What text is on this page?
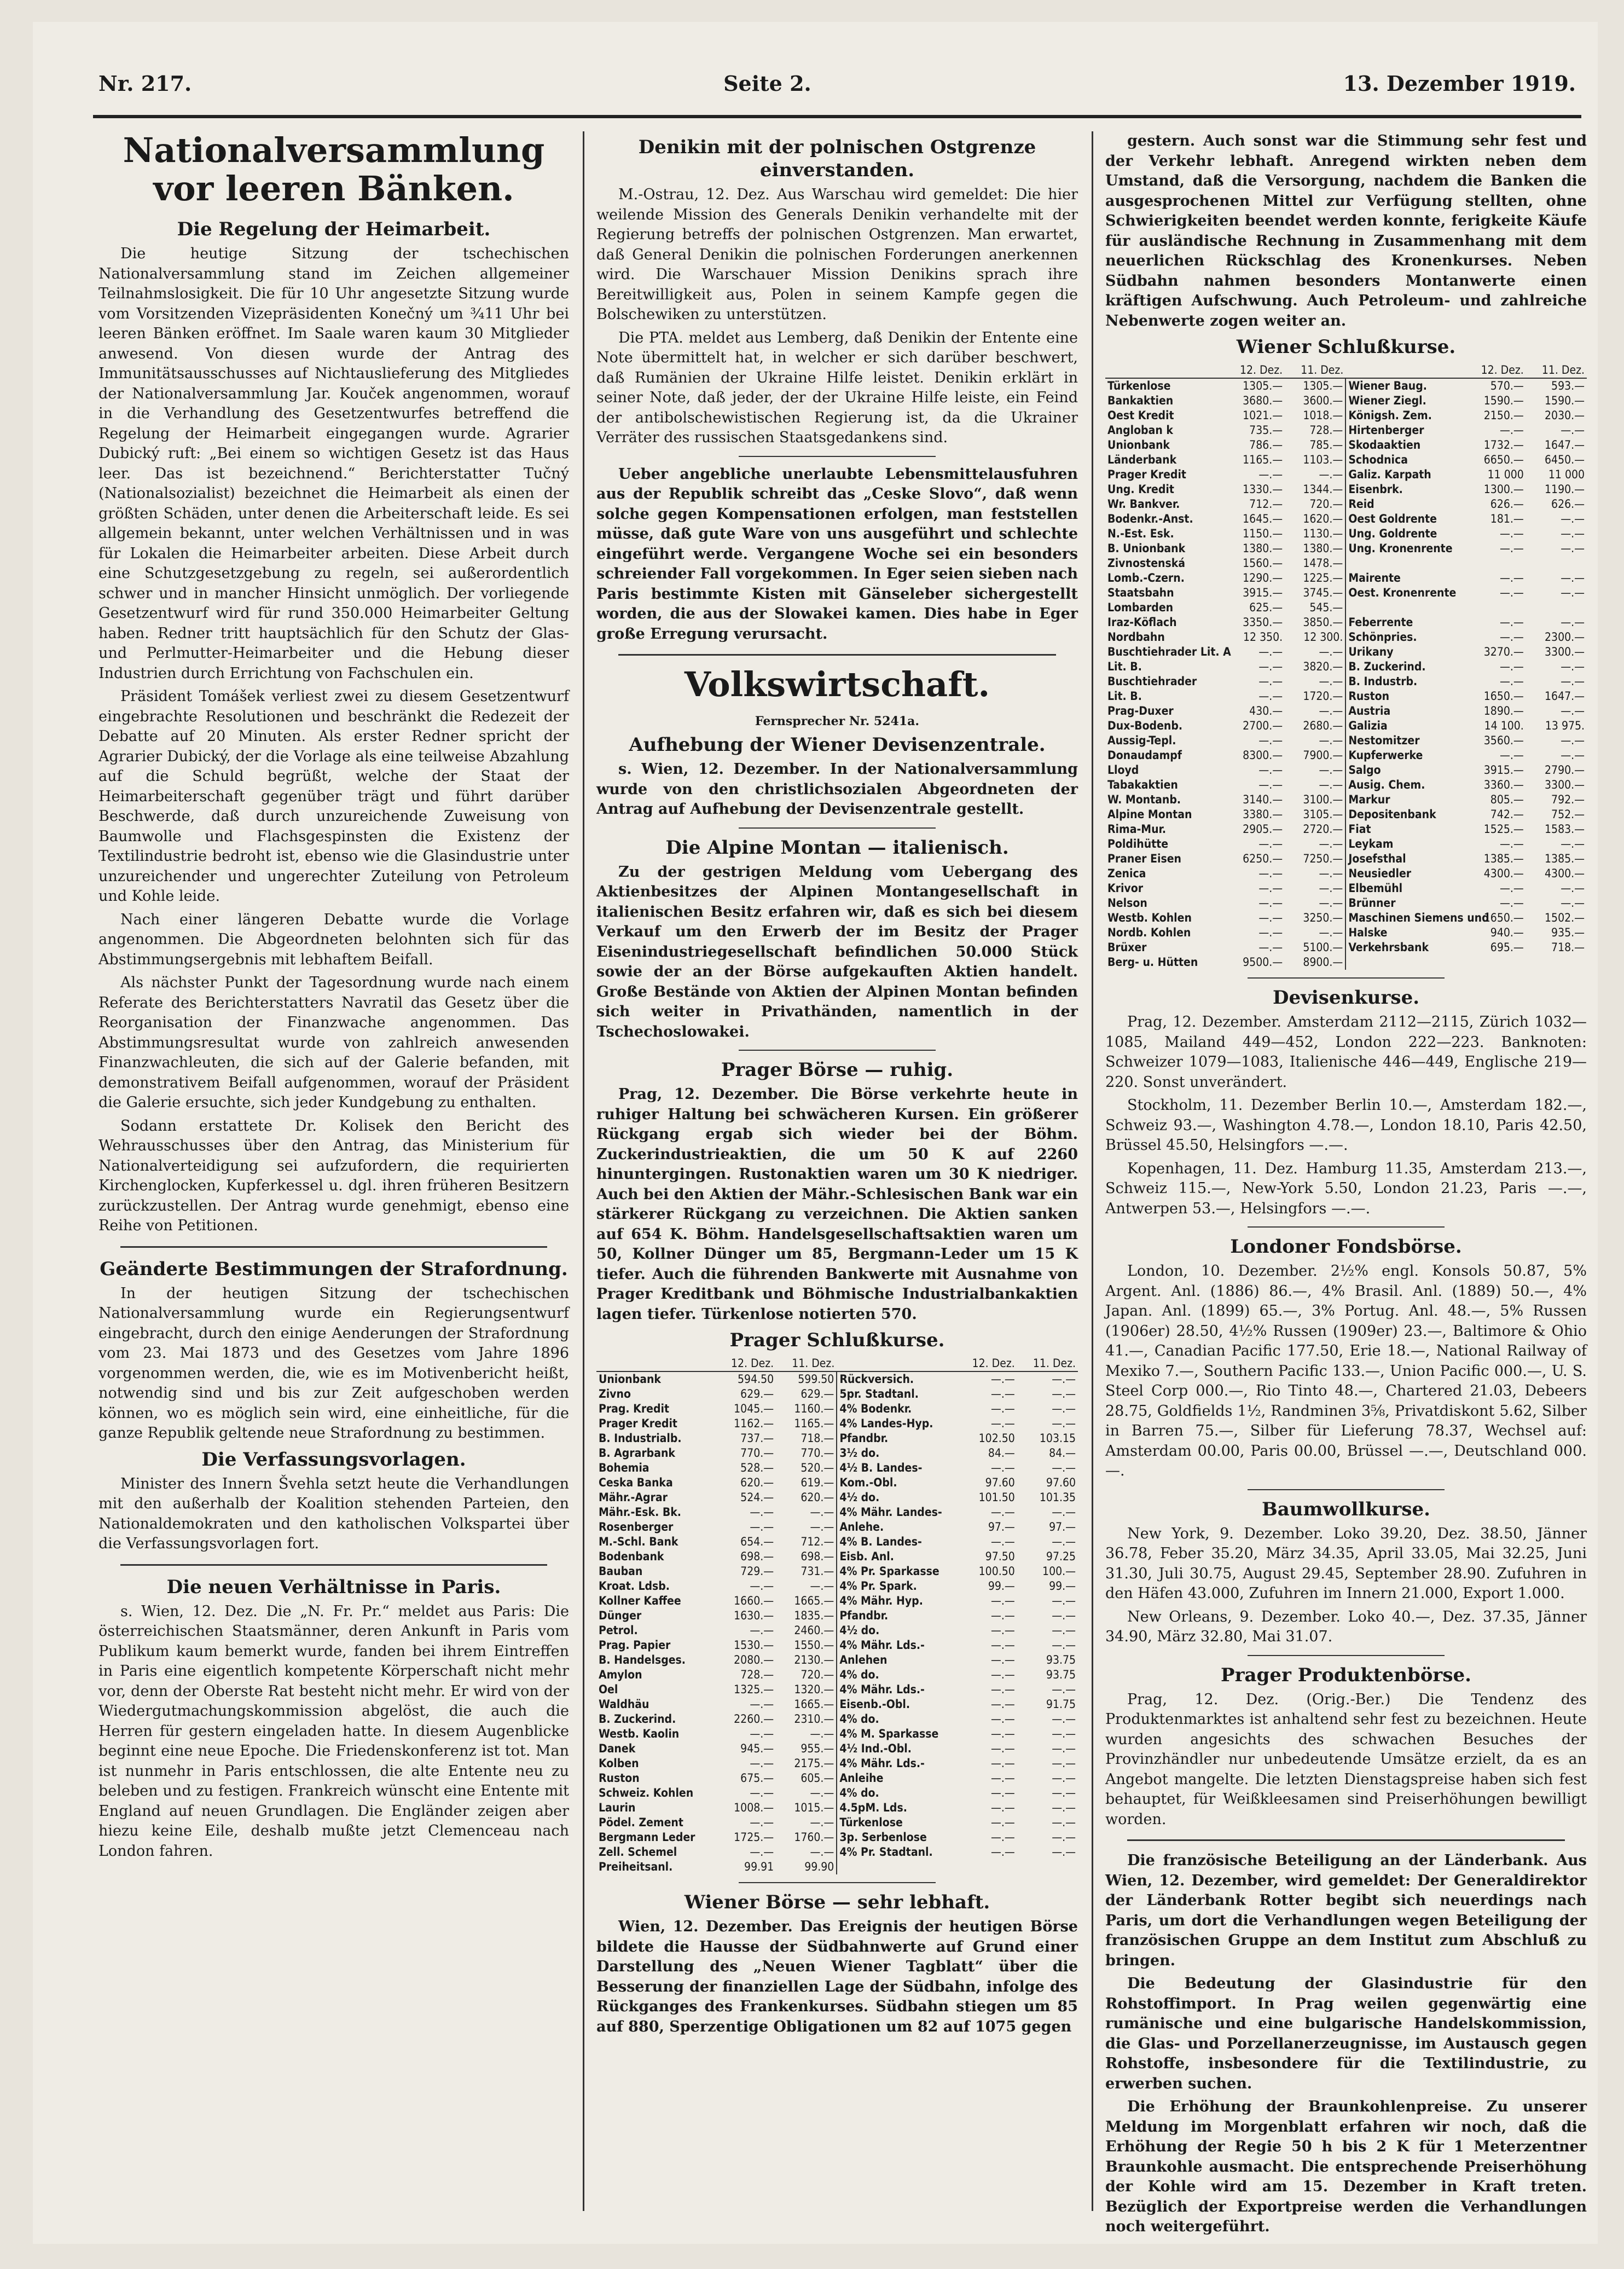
Nr. 217.	Seite 2.	13. Dezember 1919.
Nationalversammlung vor leeren Bänken.
Die Regelung der Heimarbeit.

Die heutige Sitzung der tschechischen Nationalversammlung stand im Zeichen allgemeiner Teilnahmslosigkeit. Die für 10 Uhr angesetzte Sitzung wurde vom Vorsitzenden Vizepräsidenten Konečný um ¾11 Uhr bei leeren Bänken eröffnet. Im Saale waren kaum 30 Mitglieder anwesend. Von diesen wurde der Antrag des Immunitätsausschusses auf Nichtauslieferung des Mitgliedes der Nationalversammlung Jar. Kouček angenommen, worauf in die Verhandlung des Gesetzentwurfes betreffend die Regelung der Heimarbeit eingegangen wurde. Agrarier Dubický ruft: „Bei einem so wichtigen Gesetz ist das Haus leer. Das ist bezeichnend.“ Berichterstatter Tučný (Nationalsozialist) bezeichnet die Heimarbeit als einen der größten Schäden, unter denen die Arbeiterschaft leide. Es sei allgemein bekannt, unter welchen Verhältnissen und in was für Lokalen die Heimarbeiter arbeiten. Diese Arbeit durch eine Schutzgesetzgebung zu regeln, sei außerordentlich schwer und in mancher Hinsicht unmöglich. Der vorliegende Gesetzentwurf wird für rund 350.000 Heimarbeiter Geltung haben. Redner tritt hauptsächlich für den Schutz der Glas- und Perlmutter-Heimarbeiter und die Hebung dieser Industrien durch Errichtung von Fachschulen ein.

Präsident Tomášek verliest zwei zu diesem Gesetzentwurf eingebrachte Resolutionen und beschränkt die Redezeit der Debatte auf 20 Minuten. Als erster Redner spricht der Agrarier Dubický, der die Vorlage als eine teilweise Abzahlung auf die Schuld begrüßt, welche der Staat der Heimarbeiterschaft gegenüber trägt und führt darüber Beschwerde, daß durch unzureichende Zuweisung von Baumwolle und Flachsgespinsten die Existenz der Textilindustrie bedroht ist, ebenso wie die Glasindustrie unter unzureichender und ungerechter Zuteilung von Petroleum und Kohle leide.

Nach einer längeren Debatte wurde die Vorlage angenommen. Die Abgeordneten belohnten sich für das Abstimmungsergebnis mit lebhaftem Beifall.

Als nächster Punkt der Tagesordnung wurde nach einem Referate des Berichterstatters Navratil das Gesetz über die Reorganisation der Finanzwache angenommen. Das Abstimmungsresultat wurde von zahlreich anwesenden Finanzwachleuten, die sich auf der Galerie befanden, mit demonstrativem Beifall aufgenommen, worauf der Präsident die Galerie ersuchte, sich jeder Kundgebung zu enthalten.

Sodann erstattete Dr. Kolisek den Bericht des Wehrausschusses über den Antrag, das Ministerium für Nationalverteidigung sei aufzufordern, die requirierten Kirchenglocken, Kupferkessel u. dgl. ihren früheren Besitzern zurückzustellen. Der Antrag wurde genehmigt, ebenso eine Reihe von Petitionen.

Geänderte Bestimmungen der Strafordnung.

In der heutigen Sitzung der tschechischen Nationalversammlung wurde ein Regierungsentwurf eingebracht, durch den einige Aenderungen der Strafordnung vom 23. Mai 1873 und des Gesetzes vom Jahre 1896 vorgenommen werden, die, wie es im Motivenbericht heißt, notwendig sind und bis zur Zeit aufgeschoben werden können, wo es möglich sein wird, eine einheitliche, für die ganze Republik geltende neue Strafordnung zu bestimmen.

Die Verfassungsvorlagen.

Minister des Innern Švehla setzt heute die Verhandlungen mit den außerhalb der Koalition stehenden Parteien, den Nationaldemokraten und den katholischen Volkspartei über die Verfassungsvorlagen fort.

Die neuen Verhältnisse in Paris.

s. Wien, 12. Dez. Die „N. Fr. Pr.“ meldet aus Paris: Die österreichischen Staatsmänner, deren Ankunft in Paris vom Publikum kaum bemerkt wurde, fanden bei ihrem Eintreffen in Paris eine eigentlich kompetente Körperschaft nicht mehr vor, denn der Oberste Rat besteht nicht mehr. Er wird von der Wiedergutmachungskommission abgelöst, die auch die Herren für gestern eingeladen hatte. In diesem Augenblicke beginnt eine neue Epoche. Die Friedenskonferenz ist tot. Man ist nunmehr in Paris entschlossen, die alte Entente neu zu beleben und zu festigen. Frankreich wünscht eine Entente mit England auf neuen Grundlagen. Die Engländer zeigen aber hiezu keine Eile, deshalb mußte jetzt Clemenceau nach London fahren.

Denikin mit der polnischen Ostgrenze einverstanden.

M.-Ostrau, 12. Dez. Aus Warschau wird gemeldet: Die hier weilende Mission des Generals Denikin verhandelte mit der Regierung betreffs der polnischen Ostgrenzen. Man erwartet, daß General Denikin die polnischen Forderungen anerkennen wird. Die Warschauer Mission Denikins sprach ihre Bereitwilligkeit aus, Polen in seinem Kampfe gegen die Bolschewiken zu unterstützen.

Die PTA. meldet aus Lemberg, daß Denikin der Entente eine Note übermittelt hat, in welcher er sich darüber beschwert, daß Rumänien der Ukraine Hilfe leistet. Denikin erklärt in seiner Note, daß jeder, der der Ukraine Hilfe leiste, ein Feind der antibolschewistischen Regierung ist, da die Ukrainer Verräter des russischen Staatsgedankens sind.

Ueber angebliche unerlaubte Lebensmittelausfuhren aus der Republik schreibt das „Ceske Slovo“, daß wenn solche gegen Kompensationen erfolgen, man feststellen müsse, daß gute Ware von uns ausgeführt und schlechte eingeführt werde. Vergangene Woche sei ein besonders schreiender Fall vorgekommen. In Eger seien sieben nach Paris bestimmte Kisten mit Gänseleber sichergestellt worden, die aus der Slowakei kamen. Dies habe in Eger große Erregung verursacht.

Volkswirtschaft.
Fernsprecher Nr. 5241a.
Aufhebung der Wiener Devisenzentrale.

s. Wien, 12. Dezember. In der Nationalversammlung wurde von den christlichsozialen Abgeordneten der Antrag auf Aufhebung der Devisenzentrale gestellt.

Die Alpine Montan — italienisch.

Zu der gestrigen Meldung vom Uebergang des Aktienbesitzes der Alpinen Montangesellschaft in italienischen Besitz erfahren wir, daß es sich bei diesem Verkauf um den Erwerb der im Besitz der Prager Eisenindustriegesellschaft befindlichen 50.000 Stück sowie der an der Börse aufgekauften Aktien handelt. Große Bestände von Aktien der Alpinen Montan befinden sich weiter in Privathänden, namentlich in der Tschechoslowakei.

Prager Börse — ruhig.

Prag, 12. Dezember. Die Börse verkehrte heute in ruhiger Haltung bei schwächeren Kursen. Ein größerer Rückgang ergab sich wieder bei der Böhm. Zuckerindustrieaktien, die um 50 K auf 2260 hinuntergingen. Rustonaktien waren um 30 K niedriger. Auch bei den Aktien der Mähr.-Schlesischen Bank war ein stärkerer Rückgang zu verzeichnen. Die Aktien sanken auf 654 K. Böhm. Handelsgesellschaftsaktien waren um 50, Kollner Dünger um 85, Bergmann-Leder um 15 K tiefer. Auch die führenden Bankwerte mit Ausnahme von Prager Kreditbank und Böhmische Industrialbankaktien lagen tiefer. Türkenlose notierten 570.

Prager Schlußkurse.
	12. Dez.	11. Dez.		12. Dez.	11. Dez.
Unionbank	594.50	599.50	Rückversich.	—.—	—.—
Zivno	629.—	629.—	5pr. Stadtanl.	—.—	—.—
Prag. Kredit	1045.—	1160.—	4% Bodenkr.	—.—	—.—
Prager Kredit	1162.—	1165.—	4% Landes-Hyp.	—.—	—.—
B. Industrialb.	737.—	718.—	Pfandbr.	102.50	103.15
B. Agrarbank	770.—	770.—	3½ do.	84.—	84.—
Bohemia	528.—	520.—	4½ B. Landes-	—.—	—.—
Ceska Banka	620.—	619.—	Kom.-Obl.	97.60	97.60
Mähr.-Agrar	524.—	620.—	4½ do.	101.50	101.35
Mähr.-Esk. Bk.	—.—	—.—	4% Mähr. Landes-	—.—	—.—
Rosenberger	—.—	—.—	Anlehe.	97.—	97.—
M.-Schl. Bank	654.—	712.—	4% B. Landes-	—.—	—.—
Bodenbank	698.—	698.—	Eisb. Anl.	97.50	97.25
Bauban	729.—	731.—	4% Pr. Sparkasse	100.50	100.—
Kroat. Ldsb.	—.—	—.—	4% Pr. Spark.	99.—	99.—
Kollner Kaffee	1660.—	1665.—	4% Mähr. Hyp.	—.—	—.—
Dünger	1630.—	1835.—	Pfandbr.	—.—	—.—
Petrol.	—.—	2460.—	4½ do.	—.—	—.—
Prag. Papier	1530.—	1550.—	4% Mähr. Lds.-	—.—	—.—
B. Handelsges.	2080.—	2130.—	Anlehen	—.—	93.75
Amylon	728.—	720.—	4% do.	—.—	93.75
Oel	1325.—	1320.—	4% Mähr. Lds.-	—.—	—.—
Waldhäu	—.—	1665.—	Eisenb.-Obl.	—.—	91.75
B. Zuckerind.	2260.—	2310.—	4% do.	—.—	—.—
Westb. Kaolin	—.—	—.—	4% M. Sparkasse	—.—	—.—
Danek	945.—	955.—	4½ Ind.-Obl.	—.—	—.—
Kolben	—.—	2175.—	4% Mähr. Lds.-	—.—	—.—
Ruston	675.—	605.—	Anleihe	—.—	—.—
Schweiz. Kohlen	—.—	—.—	4% do.	—.—	—.—
Laurin	1008.—	1015.—	4.5pM. Lds.	—.—	—.—
Pödel. Zement	—.—	—.—	Türkenlose	—.—	—.—
Bergmann Leder	1725.—	1760.—	3p. Serbenlose	—.—	—.—
Zell. Schemel	—.—	—.—	4% Pr. Stadtanl.	—.—	—.—
Preiheitsanl.	99.91	99.90			
Wiener Börse — sehr lebhaft.

Wien, 12. Dezember. Das Ereignis der heutigen Börse bildete die Hausse der Südbahnwerte auf Grund einer Darstellung des „Neuen Wiener Tagblatt“ über die Besserung der finanziellen Lage der Südbahn, infolge des Rückganges des Frankenkurses. Südbahn stiegen um 85 auf 880, Sperzentige Obligationen um 82 auf 1075 gegen

gestern. Auch sonst war die Stimmung sehr fest und der Verkehr lebhaft. Anregend wirkten neben dem Umstand, daß die Versorgung, nachdem die Banken die ausgesprochenen Mittel zur Verfügung stellten, ohne Schwierigkeiten beendet werden konnte, ferigkeite Käufe für ausländische Rechnung in Zusammenhang mit dem neuerlichen Rückschlag des Kronenkurses. Neben Südbahn nahmen besonders Montanwerte einen kräftigen Aufschwung. Auch Petroleum- und zahlreiche Nebenwerte zogen weiter an.

Wiener Schlußkurse.
	12. Dez.	11. Dez.		12. Dez.	11. Dez.
Türkenlose	1305.—	1305.—	Wiener Baug.	570.—	593.—
Bankaktien	3680.—	3600.—	Wiener Ziegl.	1590.—	1590.—
Oest Kredit	1021.—	1018.—	Königsh. Zem.	2150.—	2030.—
Angloban k	735.—	728.—	Hirtenberger	—.—	—.—
Unionbank	786.—	785.—	Skodaaktien	1732.—	1647.—
Länderbank	1165.—	1103.—	Schodnica	6650.—	6450.—
Prager Kredit	—.—	—.—	Galiz. Karpath	11 000	11 000
Ung. Kredit	1330.—	1344.—	Eisenbrk.	1300.—	1190.—
Wr. Bankver.	712.—	720.—	Reid	626.—	626.—
Bodenkr.-Anst.	1645.—	1620.—	Oest Goldrente	181.—	—.—
N.-Est. Esk.	1150.—	1130.—	Ung. Goldrente	—.—	—.—
B. Unionbank	1380.—	1380.—	Ung. Kronenrente	—.—	—.—
Zivnostenská	1560.—	1478.—			
Lomb.-Czern.	1290.—	1225.—	Mairente	—.—	—.—
Staatsbahn	3915.—	3745.—	Oest. Kronenrente	—.—	—.—
Lombarden	625.—	545.—			
Iraz-Köflach	3350.—	3850.—	Feberrente	—.—	—.—
Nordbahn	12 350.	12 300.	Schönpries.	—.—	2300.—
Buschtiehrader Lit. A	—.—	—.—	Urikany	3270.—	3300.—
Lit. B.	—.—	3820.—	B. Zuckerind.	—.—	—.—
Buschtiehrader	—.—	—.—	B. Industrb.	—.—	—.—
Lit. B.	—.—	1720.—	Ruston	1650.—	1647.—
Prag-Duxer	430.—	—.—	Austria	1890.—	—.—
Dux-Bodenb.	2700.—	2680.—	Galizia	14 100.	13 975.
Aussig-Tepl.	—.—	—.—	Nestomitzer	3560.—	—.—
Donaudampf	8300.—	7900.—	Kupferwerke	—.—	—.—
Lloyd	—.—	—.—	Salgo	3915.—	2790.—
Tabakaktien	—.—	—.—	Ausig. Chem.	3360.—	3300.—
W. Montanb.	3140.—	3100.—	Markur	805.—	792.—
Alpine Montan	3380.—	3105.—	Depositenbank	742.—	752.—
Rima-Mur.	2905.—	2720.—	Fiat	1525.—	1583.—
Poldihütte	—.—	—.—	Leykam	—.—	—.—
Praner Eisen	6250.—	7250.—	Josefsthal	1385.—	1385.—
Zenica	—.—	—.—	Neusiedler	4300.—	4300.—
Krivor	—.—	—.—	Elbemühl	—.—	—.—
Nelson	—.—	—.—	Brünner	—.—	—.—
Westb. Kohlen	—.—	3250.—	Maschinen Siemens und	1650.—	1502.—
Nordb. Kohlen	—.—	—.—	Halske	940.—	935.—
Brüxer	—.—	5100.—	Verkehrsbank	695.—	718.—
Berg- u. Hütten	9500.—	8900.—			
Devisenkurse.

Prag, 12. Dezember. Amsterdam 2112—2115, Zürich 1032—1085, Mailand 449—452, London 222—223. Banknoten: Schweizer 1079—1083, Italienische 446—449, Englische 219—220. Sonst unverändert.

Stockholm, 11. Dezember Berlin 10.—, Amsterdam 182.—, Schweiz 93.—, Washington 4.78.—, London 18.10, Paris 42.50, Brüssel 45.50, Helsingfors —.—.

Kopenhagen, 11. Dez. Hamburg 11.35, Amsterdam 213.—, Schweiz 115.—, New-York 5.50, London 21.23, Paris —.—, Antwerpen 53.—, Helsingfors —.—.

Londoner Fondsbörse.

London, 10. Dezember. 2½% engl. Konsols 50.87, 5% Argent. Anl. (1886) 86.—, 4% Brasil. Anl. (1889) 50.—, 4% Japan. Anl. (1899) 65.—, 3% Portug. Anl. 48.—, 5% Russen (1906er) 28.50, 4½% Russen (1909er) 23.—, Baltimore & Ohio 41.—, Canadian Pacific 177.50, Erie 18.—, National Railway of Mexiko 7.—, Southern Pacific 133.—, Union Pacific 000.—, U. S. Steel Corp 000.—, Rio Tinto 48.—, Chartered 21.03, Debeers 28.75, Goldfields 1½, Randminen 3⅝, Privatdiskont 5.62, Silber in Barren 75.—, Silber für Lieferung 78.37, Wechsel auf: Amsterdam 00.00, Paris 00.00, Brüssel —.—, Deutschland 000.—.

Baumwollkurse.

New York, 9. Dezember. Loko 39.20, Dez. 38.50, Jänner 36.78, Feber 35.20, März 34.35, April 33.05, Mai 32.25, Juni 31.30, Juli 30.75, August 29.45, September 28.90. Zufuhren in den Häfen 43.000, Zufuhren im Innern 21.000, Export 1.000.

New Orleans, 9. Dezember. Loko 40.—, Dez. 37.35, Jänner 34.90, März 32.80, Mai 31.07.

Prager Produktenbörse.

Prag, 12. Dez. (Orig.-Ber.) Die Tendenz des Produktenmarktes ist anhaltend sehr fest zu bezeichnen. Heute wurden angesichts des schwachen Besuches der Provinzhändler nur unbedeutende Umsätze erzielt, da es an Angebot mangelte. Die letzten Dienstagspreise haben sich fest behauptet, für Weißkleesamen sind Preiserhöhungen bewilligt worden.

Die französische Beteiligung an der Länderbank. Aus Wien, 12. Dezember, wird gemeldet: Der Generaldirektor der Länderbank Rotter begibt sich neuerdings nach Paris, um dort die Verhandlungen wegen Beteiligung der französischen Gruppe an dem Institut zum Abschluß zu bringen.

Die Bedeutung der Glasindustrie für den Rohstoffimport. In Prag weilen gegenwärtig eine rumänische und eine bulgarische Handelskommission, die Glas- und Porzellanerzeugnisse, im Austausch gegen Rohstoffe, insbesondere für die Textilindustrie, zu erwerben suchen.

Die Erhöhung der Braunkohlenpreise. Zu unserer Meldung im Morgenblatt erfahren wir noch, daß die Erhöhung der Regie 50 h bis 2 K für 1 Meterzentner Braunkohle ausmacht. Die entsprechende Preiserhöhung der Kohle wird am 15. Dezember in Kraft treten. Bezüglich der Exportpreise werden die Verhandlungen noch weitergeführt.
